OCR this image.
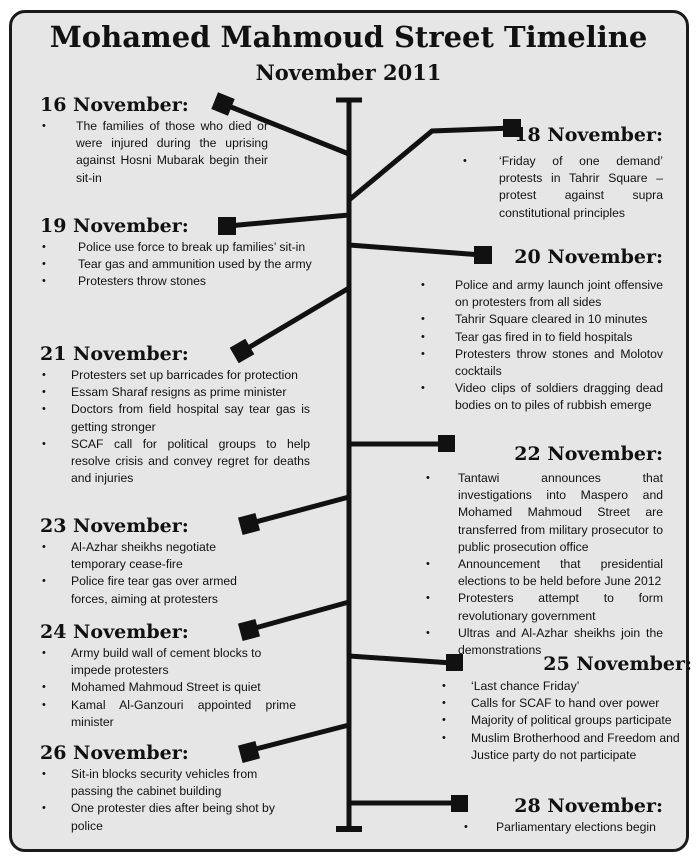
Mohamed Mahmoud Street Timeline
November 2011
16 November:
• The families of those who died or were injured during the uprising against Hosni Mubarak begin their sit-in
18 November:
• ‘Friday of one demand’ protests in Tahrir Square – protest against supra constitutional principles
19 November:
• Police use force to break up families’ sit-in
• Tear gas and ammunition used by the army
• Protesters throw stones
20 November:
• Police and army launch joint offensive on protesters from all sides
• Tahrir Square cleared in 10 minutes
• Tear gas fired in to field hospitals
• Protesters throw stones and Molotov cocktails
• Video clips of soldiers dragging dead bodies on to piles of rubbish emerge
21 November:
• Protesters set up barricades for protection
• Essam Sharaf resigns as prime minister
• Doctors from field hospital say tear gas is getting stronger
• SCAF call for political groups to help resolve crisis and convey regret for deaths and injuries
22 November:
• Tantawi announces that investigations into Maspero and Mohamed Mahmoud Street are transferred from military prosecutor to public prosecution office
• Announcement that presidential elections to be held before June 2012
• Protesters attempt to form revolutionary government
• Ultras and Al-Azhar sheikhs join the demonstrations
23 November:
• Al-Azhar sheikhs negotiate temporary cease-fire
• Police fire tear gas over armed forces, aiming at protesters
24 November:
• Army build wall of cement blocks to impede protesters
• Mohamed Mahmoud Street is quiet
• Kamal Al-Ganzouri appointed prime minister
25 November:
• ‘Last chance Friday’
• Calls for SCAF to hand over power
• Majority of political groups participate
• Muslim Brotherhood and Freedom and Justice party do not participate
26 November:
• Sit-in blocks security vehicles from passing the cabinet building
• One protester dies after being shot by police
28 November:
• Parliamentary elections begin
